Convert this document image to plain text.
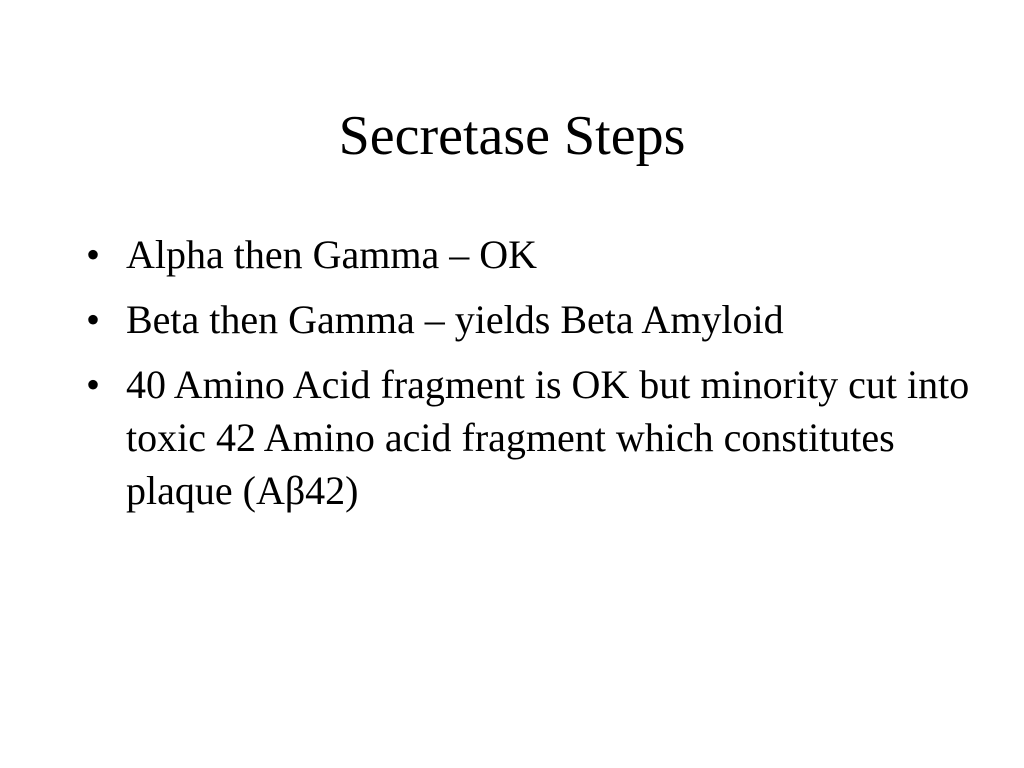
Secretase Steps
• Alpha then Gamma – OK
• Beta then Gamma – yields Beta Amyloid
• 40 Amino Acid fragment is OK but minority cut into toxic 42 Amino acid fragment which constitutes plaque (Aβ42)
